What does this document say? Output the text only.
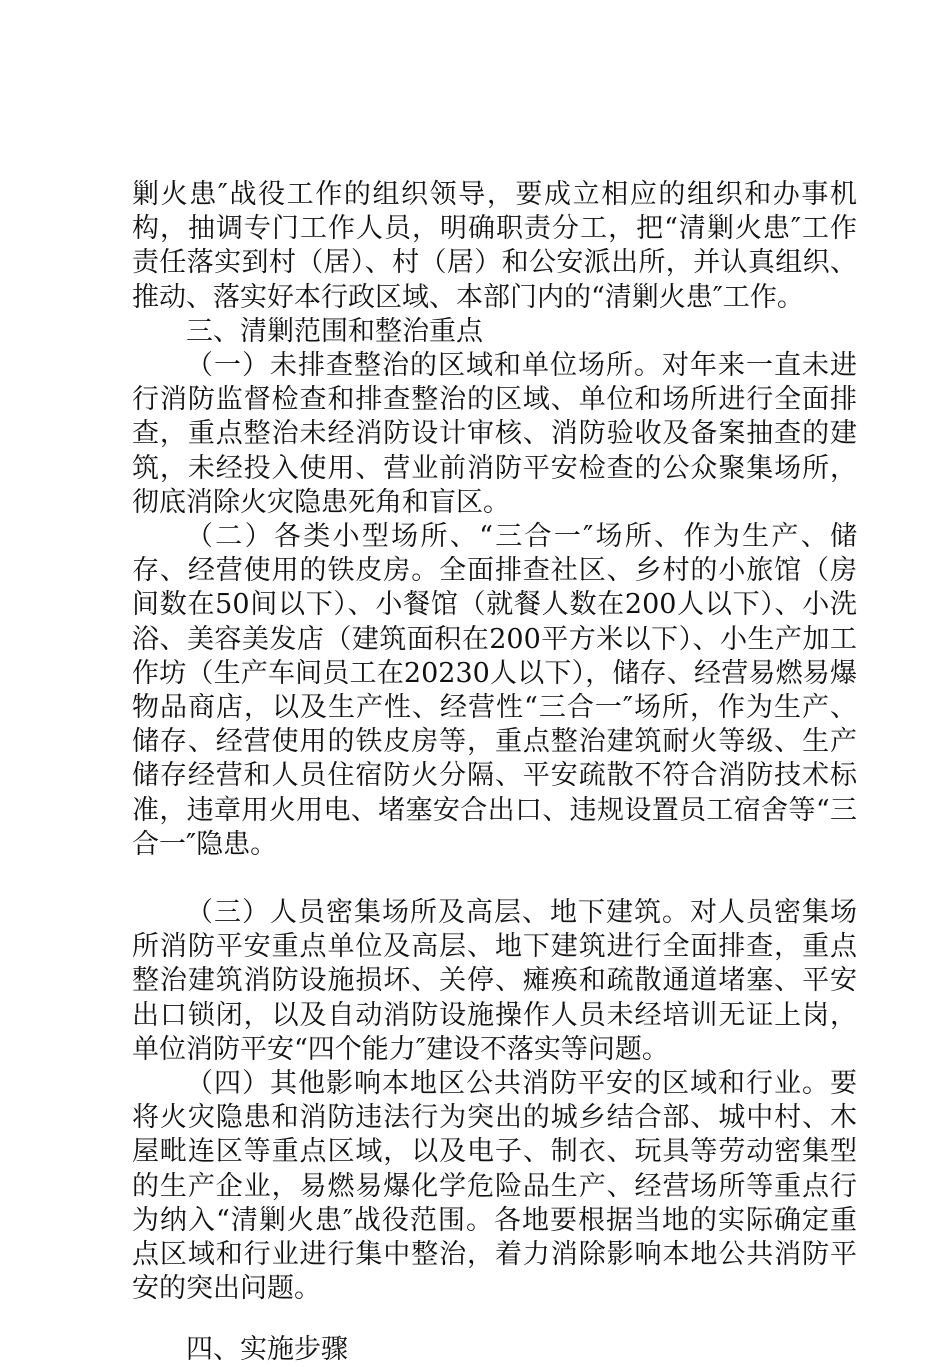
剿火患″战役工作的组织领导，要成立相应的组织和办事机构，抽调专门工作人员，明确职责分工，把“清剿火患″工作责任落实到村（居）、村（居）和公安派出所，并认真组织、推动、落实好本行政区域、本部门内的“清剿火患″工作。

三、清剿范围和整治重点

（一）未排查整治的区域和单位场所。对年来一直未进行消防监督检查和排查整治的区域、单位和场所进行全面排查，重点整治未经消防设计审核、消防验收及备案抽查的建筑，未经投入使用、营业前消防平安检查的公众聚集场所，彻底消除火灾隐患死角和盲区。

（二）各类小型场所、“三合一″场所、作为生产、储存、经营使用的铁皮房。全面排查社区、乡村的小旅馆（房间数在50间以下）、小餐馆（就餐人数在200人以下）、小洗浴、美容美发店（建筑面积在200平方米以下）、小生产加工作坊（生产车间员工在20230人以下），储存、经营易燃易爆物品商店，以及生产性、经营性“三合一″场所，作为生产、储存、经营使用的铁皮房等，重点整治建筑耐火等级、生产储存经营和人员住宿防火分隔、平安疏散不符合消防技术标准，违章用火用电、堵塞安合出口、违规设置员工宿舍等“三合一″隐患。

（三）人员密集场所及高层、地下建筑。对人员密集场所消防平安重点单位及高层、地下建筑进行全面排查，重点整治建筑消防设施损坏、关停、瘫痪和疏散通道堵塞、平安出口锁闭，以及自动消防设施操作人员未经培训无证上岗，单位消防平安“四个能力″建设不落实等问题。

（四）其他影响本地区公共消防平安的区域和行业。要将火灾隐患和消防违法行为突出的城乡结合部、城中村、木屋毗连区等重点区域，以及电子、制衣、玩具等劳动密集型的生产企业，易燃易爆化学危险品生产、经营场所等重点行为纳入“清剿火患″战役范围。各地要根据当地的实际确定重点区域和行业进行集中整治，着力消除影响本地公共消防平安的突出问题。

四、实施步骤
